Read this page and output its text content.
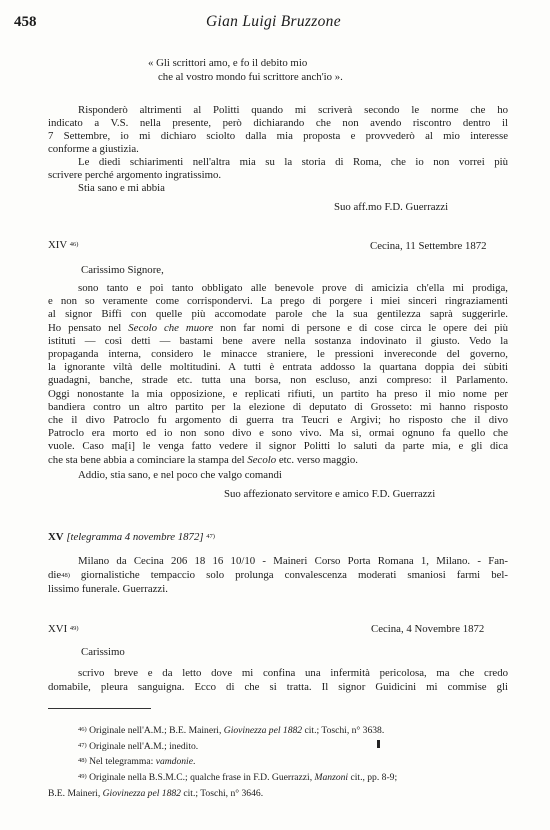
458	Gian Luigi Bruzzone
« Gli scrittori amo, e fo il debito mio
che al vostro mondo fui scrittore anch'io ».
Risponderò altrimenti al Politti quando mi scriverà secondo le norme che ho
indicato a V.S. nella presente, però dichiarando che non avendo riscontro dentro il
7 Settembre, io mi dichiaro sciolto dalla mia proposta e provvederò al mio interesse
conforme a giustizia.
Le diedi schiarimenti nell'altra mia su la storia di Roma, che io non vorrei più
scrivere perché argomento ingratissimo.
Stia sano e mi abbia
Suo aff.mo F.D. Guerrazzi
XIV $^{46)}$	Cecina, 11 Settembre 1872
Carissimo Signore,
sono tanto e poi tanto obbligato alle benevole prove di amicizia ch'ella mi prodiga,
e non so veramente come corrispondervi. La prego di porgere i miei sinceri ringraziamenti
al signor Biffi con quelle più accomodate parole che la sua gentilezza saprà suggerirle.
Ho pensato nel Secolo che muore non far nomi di persone e di cose circa le opere dei più
istituti — così detti — bastami bene avere nella sostanza indovinato il giusto. Vedo la
propaganda interna, considero le minacce straniere, le pressioni invereconde del governo,
la ignorante viltà delle moltitudini. A tutti è entrata addosso la quartana doppia dei sùbiti
guadagni, banche, strade etc. tutta una borsa, non escluso, anzi compreso: il Parlamento.
Oggi nonostante la mia opposizione, e replicati rifiuti, un partito ha preso il mio nome per
bandiera contro un altro partito per la elezione di deputato di Grosseto: mi hanno risposto
che il divo Patroclo fu argomento di guerra tra Teucri e Argivi; ho risposto che il divo
Patroclo era morto ed io non sono divo e sono vivo. Ma sì, ormai ognuno fa quello che
vuole. Caso ma[i] le venga fatto vedere il signor Politti lo saluti da parte mia, e gli dica
che sta bene abbia a cominciare la stampa del Secolo etc. verso maggio.
Addio, stia sano, e nel poco che valgo comandi
Suo affezionato servitore e amico F.D. Guerrazzi
XV [telegramma 4 novembre 1872] $^{47)}$
Milano da Cecina 206 18 16 10/10 - Maineri Corso Porta Romana 1, Milano. - Fan-
die$^{48)}$ giornalistiche tempaccio solo prolunga convalescenza moderati smaniosi farmi bel-
lissimo funerale. Guerrazzi.
XVI $^{49)}$	Cecina, 4 Novembre 1872
Carissimo
scrivo breve e da letto dove mi confina una infermità pericolosa, ma che credo
domabile, pleura sanguigna. Ecco di che si tratta. Il signor Guidicini mi commise gli
$^{46)}$ Originale nell'A.M.; B.E. Maineri, Giovinezza pel 1882 cit.; Toschi, n° 3638.
$^{47)}$ Originale nell'A.M.; inedito.
$^{48)}$ Nel telegramma: vamdonie.
$^{49)}$ Originale nella B.S.M.C.; qualche frase in F.D. Guerrazzi, Manzoni cit., pp. 8-9;
B.E. Maineri, Giovinezza pel 1882 cit.; Toschi, n° 3646.
